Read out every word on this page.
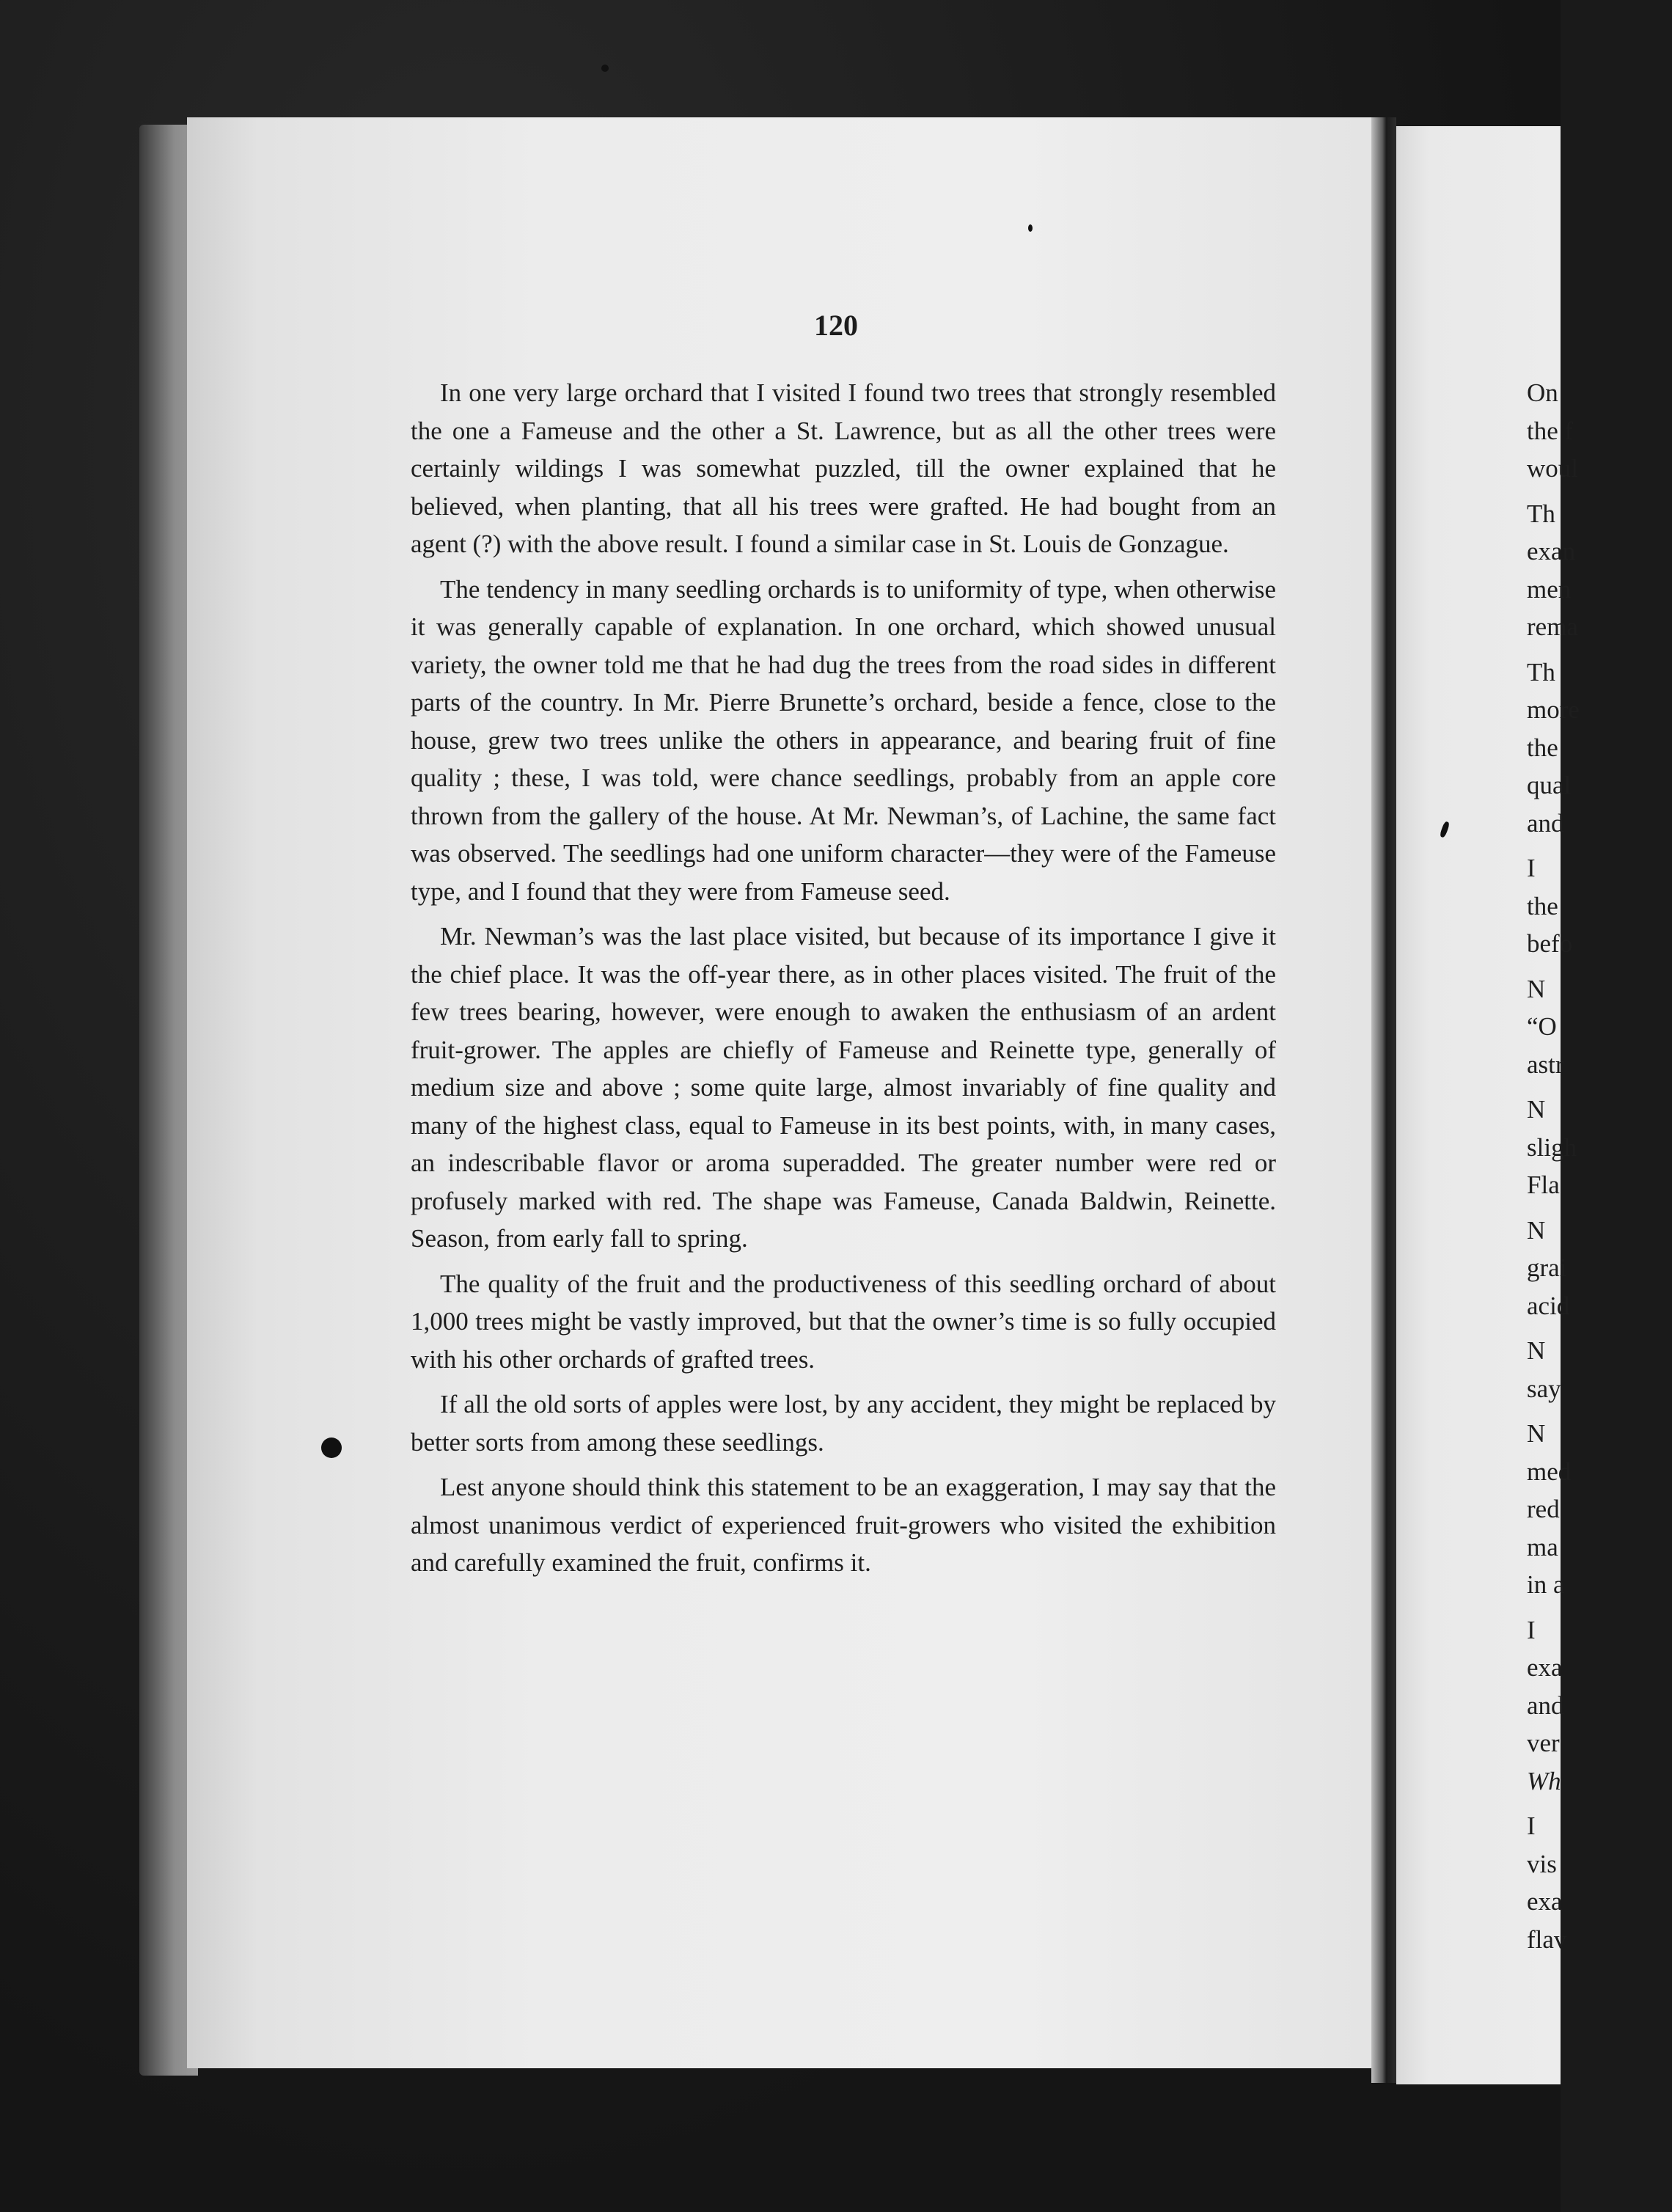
120

In one very large orchard that I visited I found two trees that strongly resembled the one a Fameuse and the other a St. Lawrence, but as all the other trees were certainly wildings I was somewhat puzzled, till the owner explained that he believed, when planting, that all his trees were grafted. He had bought from an agent (?) with the above result. I found a similar case in St. Louis de Gonzague.

The tendency in many seedling orchards is to uniformity of type, when otherwise it was generally capable of explanation. In one orchard, which showed unusual variety, the owner told me that he had dug the trees from the road sides in different parts of the country. In Mr. Pierre Brunette’s orchard, beside a fence, close to the house, grew two trees unlike the others in appearance, and bearing fruit of fine quality ; these, I was told, were chance seedlings, probably from an apple core thrown from the gallery of the house. At Mr. Newman’s, of Lachine, the same fact was observed. The seedlings had one uniform character—they were of the Fameuse type, and I found that they were from Fameuse seed.

Mr. Newman’s was the last place visited, but because of its importance I give it the chief place. It was the off-year there, as in other places visited. The fruit of the few trees bearing, however, were enough to awaken the enthusiasm of an ardent fruit-grower. The apples are chiefly of Fameuse and Reinette type, generally of medium size and above ; some quite large, almost invariably of fine quality and many of the highest class, equal to Fameuse in its best points, with, in many cases, an indescribable flavor or aroma superadded. The greater number were red or profusely marked with red. The shape was Fameuse, Canada Baldwin, Reinette. Season, from early fall to spring.

The quality of the fruit and the productiveness of this seedling orchard of about 1,000 trees might be vastly improved, but that the owner’s time is so fully occupied with his other orchards of grafted trees.

If all the old sorts of apples were lost, by any accident, they might be replaced by better sorts from among these seedlings.

Lest anyone should think this statement to be an exaggeration, I may say that the almost unanimous verdict of experienced fruit-growers who visited the exhibition and carefully examined the fruit, confirms it.

On
the f
woul
Th
exan
men
rema
Th
more
the
qual
and
I
the
befo
N
“O
astr
N
sligh
Fla
N
grai
acid
N
say
N
med
red
ma
in a
I
exa
and
ver
Wh
I
vis
exa
flav
